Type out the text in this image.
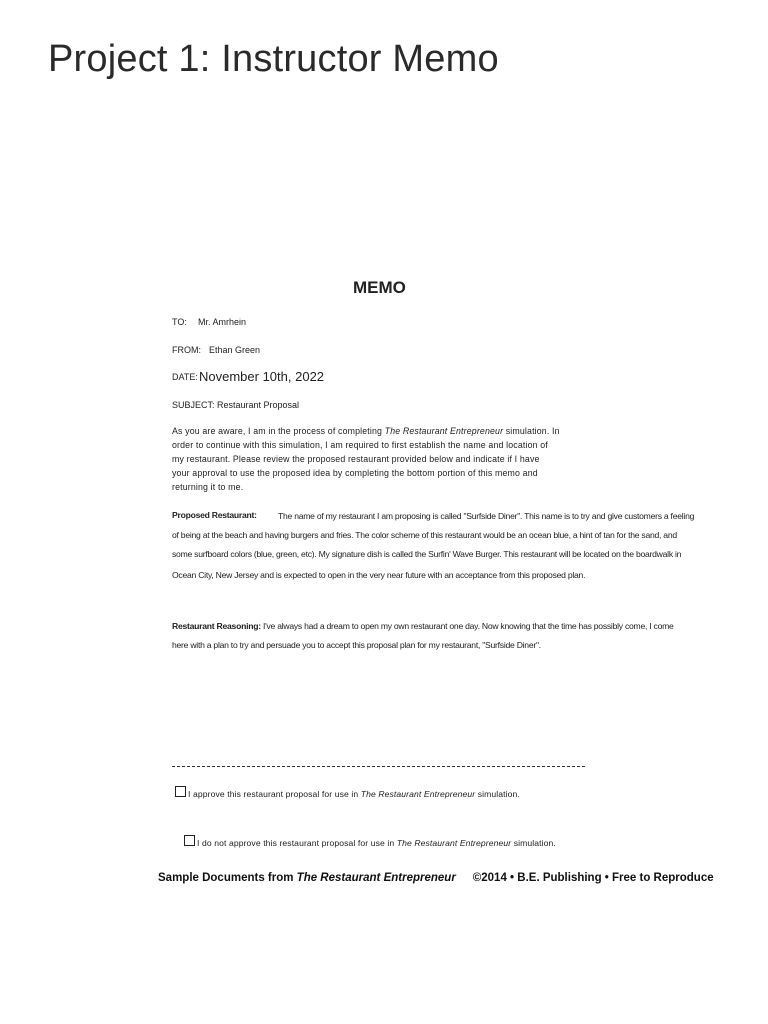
Project 1: Instructor Memo
MEMO
TO: Mr. Amrhein
FROM: Ethan Green
DATE: November 10th, 2022
SUBJECT: Restaurant Proposal
As you are aware, I am in the process of completing The Restaurant Entrepreneur simulation. In
order to continue with this simulation, I am required to first establish the name and location of
my restaurant. Please review the proposed restaurant provided below and indicate if I have
your approval to use the proposed idea by completing the bottom portion of this memo and
returning it to me.
Proposed Restaurant: The name of my restaurant I am proposing is called "Surfside Diner". This name is to try and give customers a feeling
of being at the beach and having burgers and fries. The color scheme of this restaurant would be an ocean blue, a hint of tan for the sand, and
some surfboard colors (blue, green, etc). My signature dish is called the Surfin' Wave Burger. This restaurant will be located on the boardwalk in
Ocean City, New Jersey and is expected to open in the very near future with an acceptance from this proposed plan.
Restaurant Reasoning: I've always had a dream to open my own restaurant one day. Now knowing that the time has possibly come, I come
here with a plan to try and persuade you to accept this proposal plan for my restaurant, "Surfside Diner".
I approve this restaurant proposal for use in The Restaurant Entrepreneur simulation.
I do not approve this restaurant proposal for use in The Restaurant Entrepreneur simulation.
Sample Documents from The Restaurant Entrepreneur ©2014 • B.E. Publishing • Free to Reproduce
